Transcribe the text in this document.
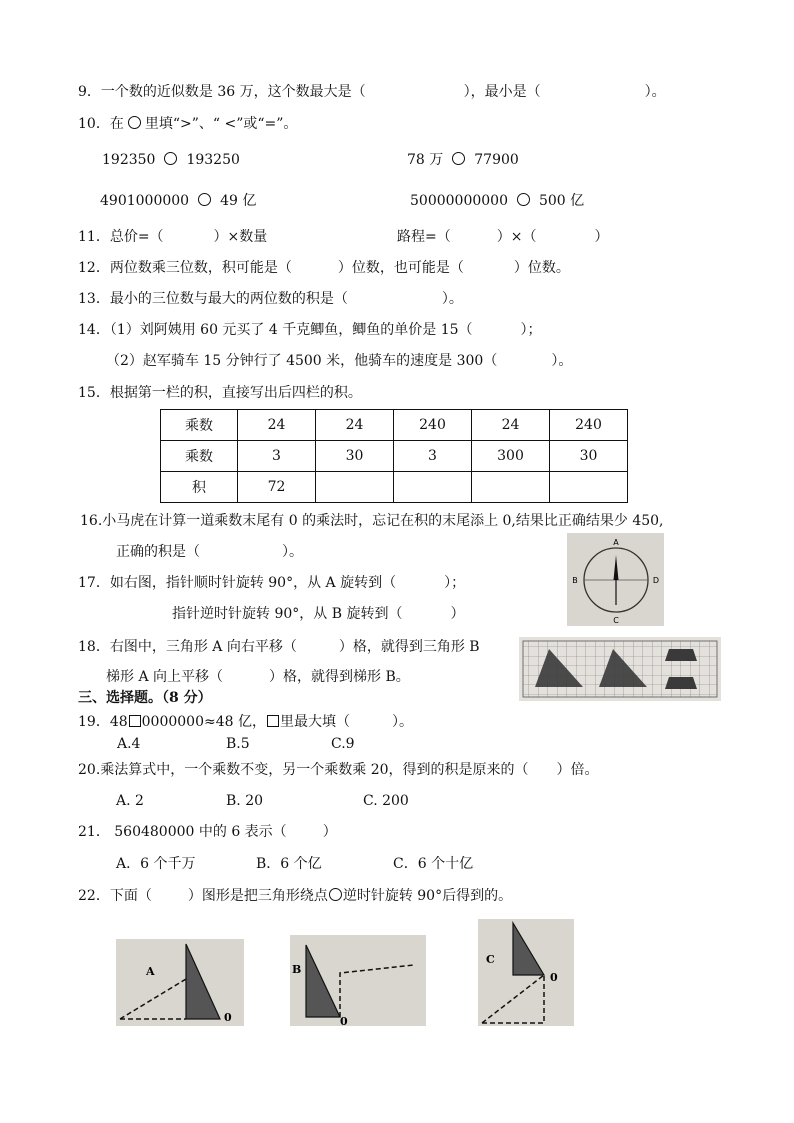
9．一个数的近似数是 36 万，这个数最大是（	），最小是（	）。
10．在 里填“>”、“ <”或“=”。
192350 193250	78 万 77900
4901000000 49 亿	50000000000 500 亿
11．总价=（	）×数量	路程=（	）×（	）
12．两位数乘三位数，积可能是（	）位数，也可能是（	）位数。
13．最小的三位数与最大的两位数的积是（	）。
14．（1）刘阿姨用 60 元买了 4 千克鲫鱼，鲫鱼的单价是 15（	）；
（2）赵军骑车 15 分钟行了 4500 米，他骑车的速度是 300（	）。
15．根据第一栏的积，直接写出后四栏的积。
乘数	24	24	240	24	240
乘数	3	30	3	300	30
积	72				
16.小马虎在计算一道乘数末尾有 0 的乘法时，忘记在积的末尾添上 0,结果比正确结果少 450,
正确的积是（	）。
A
B
C
D
17．如右图，指针顺时针旋转 90°，从 A 旋转到（	）；
指针逆时针旋转 90°，从 B 旋转到（	）
18．右图中，三角形 A 向右平移（	）格，就得到三角形 B
梯形 A 向上平移（	）格，就得到梯形 B。
三、选择题。（8 分）
19．48 0000000≈48 亿， 里最大填（	）。
A.4	B.5	C.9
20.乘法算式中，一个乘数不变，另一个乘数乘 20，得到的积是原来的（ ）倍。
A. 2	B. 20	C. 200
21． 560480000 中的 6 表示（	）
A．6 个千万	B．6 个亿	C．6 个十亿
22．下面（	）图形是把三角形绕点 逆时针旋转 90°后得到的。
A
0
B
0
C
0
